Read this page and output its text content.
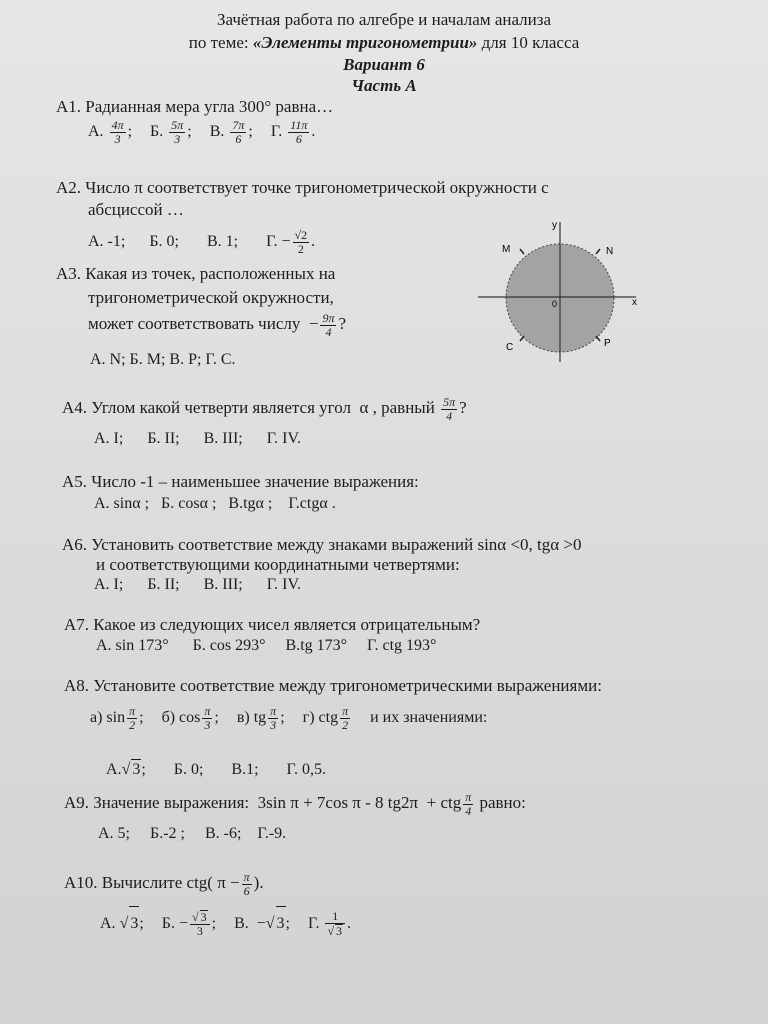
Зачётная работа по алгебре и началам анализа
по теме: «Элементы тригонометрии» для 10 класса
Вариант 6
Часть А
А1. Радианная мера угла 300° равна…
А. $\frac{4\pi}{3}$ ;  Б. $\frac{5\pi}{3}$ ;  В. $\frac{7\pi}{6}$ ;  Г. $\frac{11\pi}{6}$ .
А2. Число π соответствует точке тригонометрической окружности с
абсциссой …
А. -1;      Б. 0;       В. 1;       Г. − $\frac{√2}{2}$ .
А3. Какая из точек, расположенных на
тригонометрической окружности,
может соответствовать числу  − $\frac{9\pi}{4}$ ?
А. N; Б. M; В. P; Г. C.
y
x
0
M	N
C	P
А4. Углом какой четверти является угол  α , равный $\frac{5\pi}{4}$ ?
А. I;      Б. II;      В. III;      Г. IV.
А5. Число -1 – наименьшее значение выражения:
А. sinα ;   Б. cosα ;   В.tgα ;    Г.ctgα .
А6. Установить соответствие между знаками выражений sinα <0, tgα >0
и соответствующими координатными четвертями:
А. I;      Б. II;      В. III;      Г. IV.
А7. Какое из следующих чисел является отрицательным?
А. sin 173°      Б. cos 293°     В.tg 173°     Г. ctg 193°
А8. Установите соответствие между тригонометрическими выражениями:
а) $\sin \frac{\pi}{2}$ ; б) $\cos \frac{\pi}{3}$ ; в) tg $\frac{\pi}{3}$ ; г) ctg $\frac{\pi}{2}$ и их значениями:

А.√ 3;       Б. 0;       В.1;       Г. 0,5.

А9. Значение выражения:  3sin π + 7cos π - 8 tg2π  + ctg $\frac{\pi}{4}$ равно:
А. 5;     Б.-2 ;     В. -6;    Г.-9.
А10. Вычислите ctg( $\pi - \frac{\pi}{6}$ ).
А. √ 3; Б. − $\frac{√ 3}{3}$ ; В.  −√ 3; Г. $\frac{1}{√ 3}$ .
